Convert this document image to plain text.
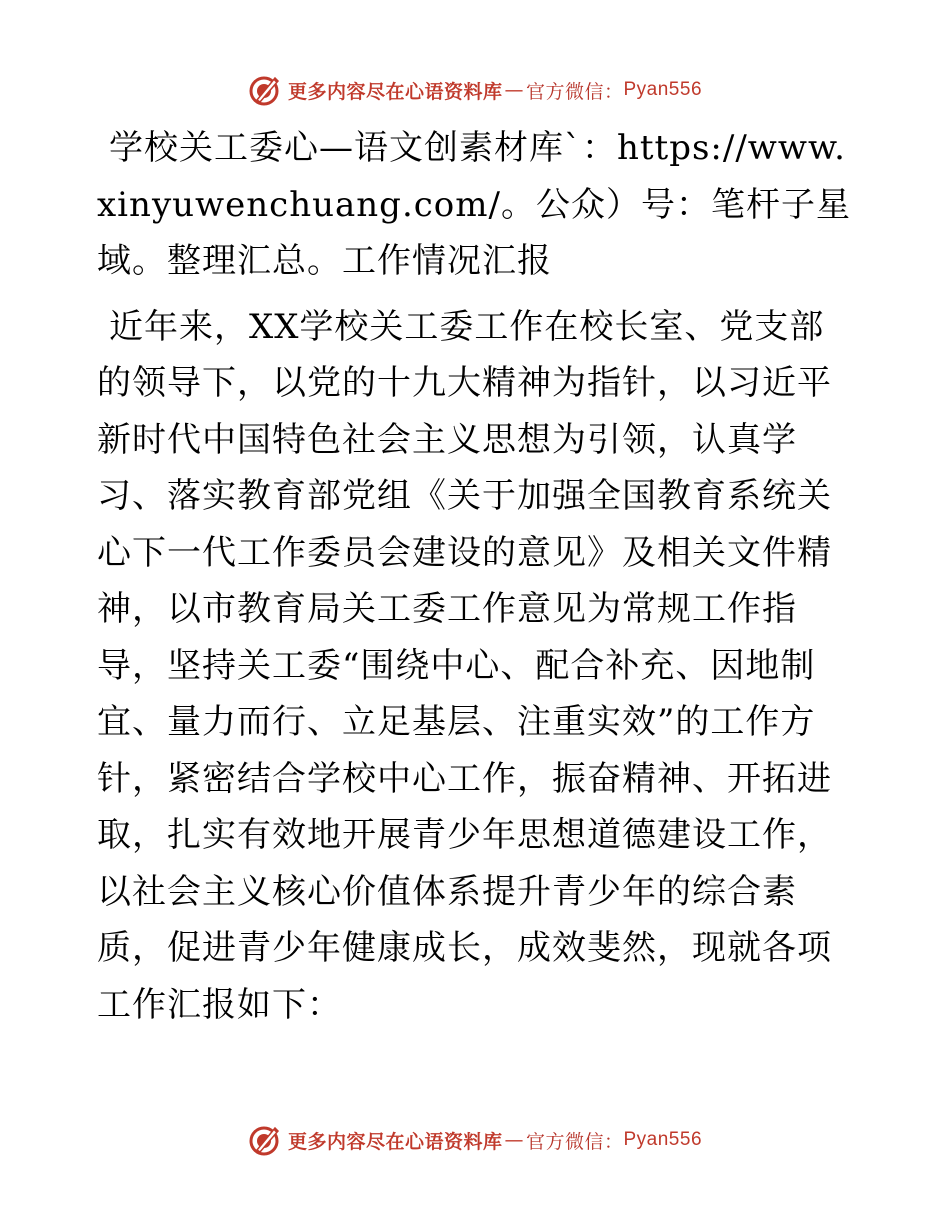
更多内容尽在心语资料库 — 官方微信： Pyan556

学校关工委心—语文创素材库`：https://www.xinyuwenchuang.com/。公众）号：笔杆子星域。整理汇总。工作情况汇报

近年来，XX学校关工委工作在校长室、党支部的领导下，以党的十九大精神为指针，以习近平新时代中国特色社会主义思想为引领，认真学习、落实教育部党组《关于加强全国教育系统关心下一代工作委员会建设的意见》及相关文件精神，以市教育局关工委工作意见为常规工作指导，坚持关工委“围绕中心、配合补充、因地制宜、量力而行、立足基层、注重实效”的工作方针，紧密结合学校中心工作，振奋精神、开拓进取，扎实有效地开展青少年思想道德建设工作，以社会主义核心价值体系提升青少年的综合素质，促进青少年健康成长，成效斐然，现就各项工作汇报如下：

更多内容尽在心语资料库 — 官方微信： Pyan556
